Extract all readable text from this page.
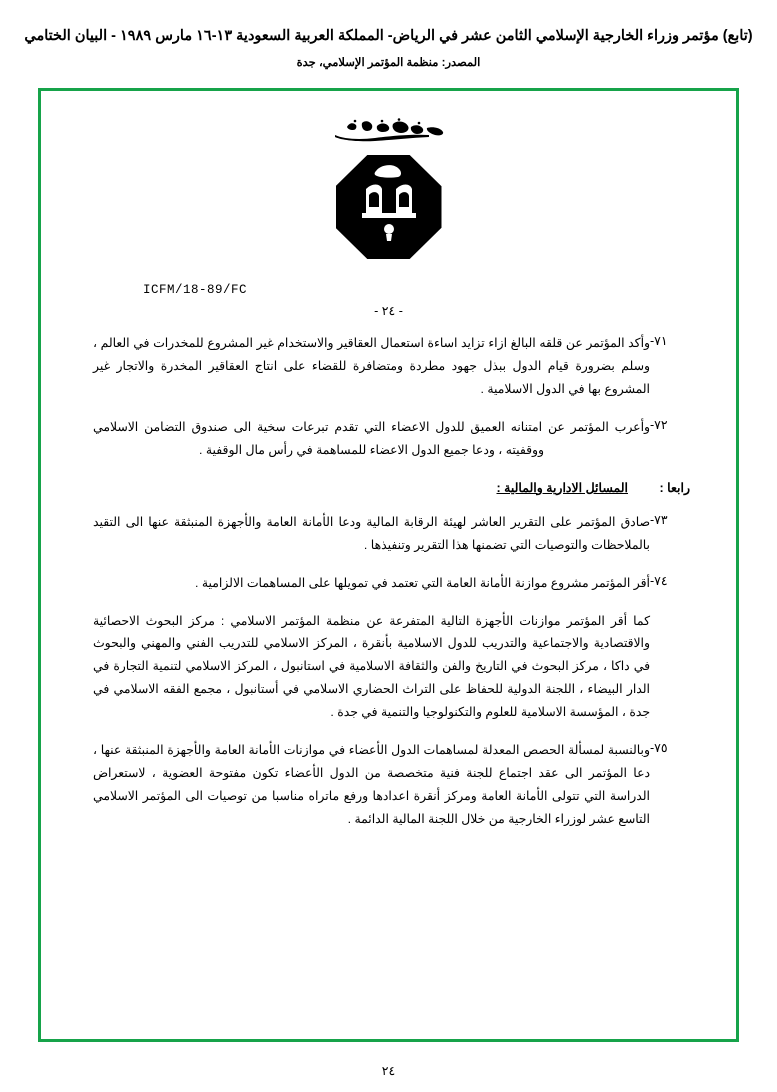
(تابع) مؤتمر وزراء الخارجية الإسلامي الثامن عشر في الرياض- المملكة العربية السعودية ١٣-١٦ مارس ١٩٨٩ - البيان الختامي
المصدر: منظمة المؤتمر الإسلامي، جدة
ICFM/18-89/FC
- ٢٤ -
٧١-
وأكد المؤتمر عن قلقه البالغ ازاء تزايد اساءة استعمال العقاقير والاستخدام غير المشروع للمخدرات في العالم ، وسلم بضرورة قيام الدول ببذل جهود مطردة ومتضافرة للقضاء على انتاج العقاقير المخدرة والاتجار غير المشروع بها في الدول الاسلامية .
٧٢-
وأعرب المؤتمر عن امتنانه العميق للدول الاعضاء التي تقدم تبرعات سخية الى صندوق التضامن الاسلامي ووقفيته ، ودعا جميع الدول الاعضاء للمساهمة في رأس مال الوقفية .
رابعا :
المسائل الادارية والمالية :
٧٣-
صادق المؤتمر على التقرير العاشر لهيئة الرقابة المالية ودعا الأمانة العامة والأجهزة المنبثقة عنها الى التقيد بالملاحظات والتوصيات التي تضمنها هذا التقرير وتنفيذها .
٧٤-
أقر المؤتمر مشروع موازنة الأمانة العامة التي تعتمد في تمويلها على المساهمات الالزامية .
كما أقر المؤتمر موازنات الأجهزة التالية المتفرعة عن منظمة المؤتمر الاسلامي : مركز البحوث الاحصائية والاقتصادية والاجتماعية والتدريب للدول الاسلامية بأنقرة ، المركز الاسلامي للتدريب الفني والمهني والبحوث في داكا ، مركز البحوث في التاريخ والفن والثقافة الاسلامية في استانبول ، المركز الاسلامي لتنمية التجارة في الدار البيضاء ، اللجنة الدولية للحفاظ على التراث الحضاري الاسلامي في أستانبول ، مجمع الفقه الاسلامي في جدة ، المؤسسة الاسلامية للعلوم والتكنولوجيا والتنمية في جدة .
٧٥-
وبالنسبة لمسألة الحصص المعدلة لمساهمات الدول الأعضاء في موازنات الأمانة العامة والأجهزة المنبثقة عنها ، دعا المؤتمر الى عقد اجتماع للجنة فنية متخصصة من الدول الأعضاء تكون مفتوحة العضوية ، لاستعراض الدراسة التي تتولى الأمانة العامة ومركز أنقرة اعدادها ورفع ماتراه مناسبا من توصيات الى المؤتمر الاسلامي التاسع عشر لوزراء الخارجية من خلال اللجنة المالية الدائمة .
٢٤
